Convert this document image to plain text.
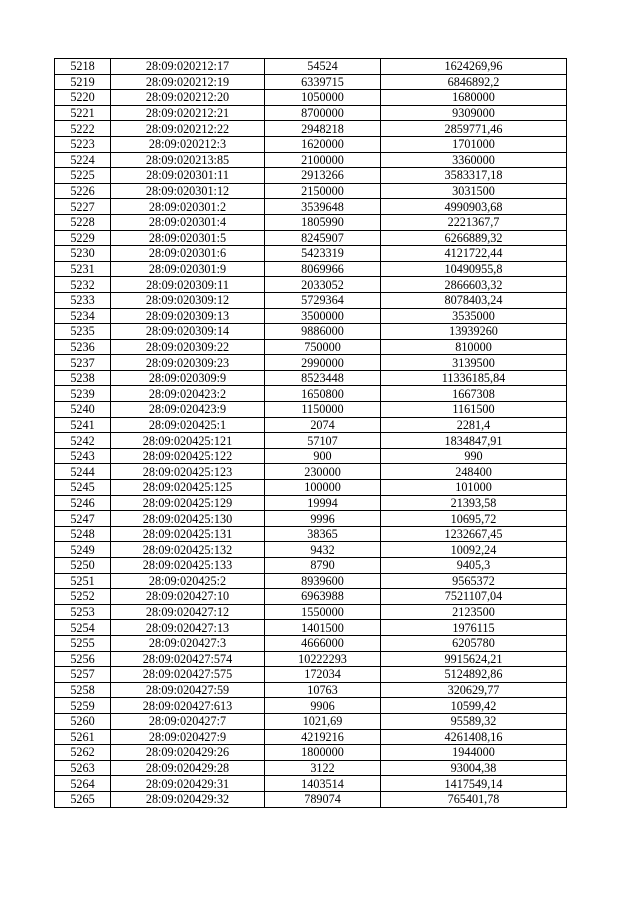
5218	28:09:020212:17	54524	1624269,96
5219	28:09:020212:19	6339715	6846892,2
5220	28:09:020212:20	1050000	1680000
5221	28:09:020212:21	8700000	9309000
5222	28:09:020212:22	2948218	2859771,46
5223	28:09:020212:3	1620000	1701000
5224	28:09:020213:85	2100000	3360000
5225	28:09:020301:11	2913266	3583317,18
5226	28:09:020301:12	2150000	3031500
5227	28:09:020301:2	3539648	4990903,68
5228	28:09:020301:4	1805990	2221367,7
5229	28:09:020301:5	8245907	6266889,32
5230	28:09:020301:6	5423319	4121722,44
5231	28:09:020301:9	8069966	10490955,8
5232	28:09:020309:11	2033052	2866603,32
5233	28:09:020309:12	5729364	8078403,24
5234	28:09:020309:13	3500000	3535000
5235	28:09:020309:14	9886000	13939260
5236	28:09:020309:22	750000	810000
5237	28:09:020309:23	2990000	3139500
5238	28:09:020309:9	8523448	11336185,84
5239	28:09:020423:2	1650800	1667308
5240	28:09:020423:9	1150000	1161500
5241	28:09:020425:1	2074	2281,4
5242	28:09:020425:121	57107	1834847,91
5243	28:09:020425:122	900	990
5244	28:09:020425:123	230000	248400
5245	28:09:020425:125	100000	101000
5246	28:09:020425:129	19994	21393,58
5247	28:09:020425:130	9996	10695,72
5248	28:09:020425:131	38365	1232667,45
5249	28:09:020425:132	9432	10092,24
5250	28:09:020425:133	8790	9405,3
5251	28:09:020425:2	8939600	9565372
5252	28:09:020427:10	6963988	7521107,04
5253	28:09:020427:12	1550000	2123500
5254	28:09:020427:13	1401500	1976115
5255	28:09:020427:3	4666000	6205780
5256	28:09:020427:574	10222293	9915624,21
5257	28:09:020427:575	172034	5124892,86
5258	28:09:020427:59	10763	320629,77
5259	28:09:020427:613	9906	10599,42
5260	28:09:020427:7	1021,69	95589,32
5261	28:09:020427:9	4219216	4261408,16
5262	28:09:020429:26	1800000	1944000
5263	28:09:020429:28	3122	93004,38
5264	28:09:020429:31	1403514	1417549,14
5265	28:09:020429:32	789074	765401,78
